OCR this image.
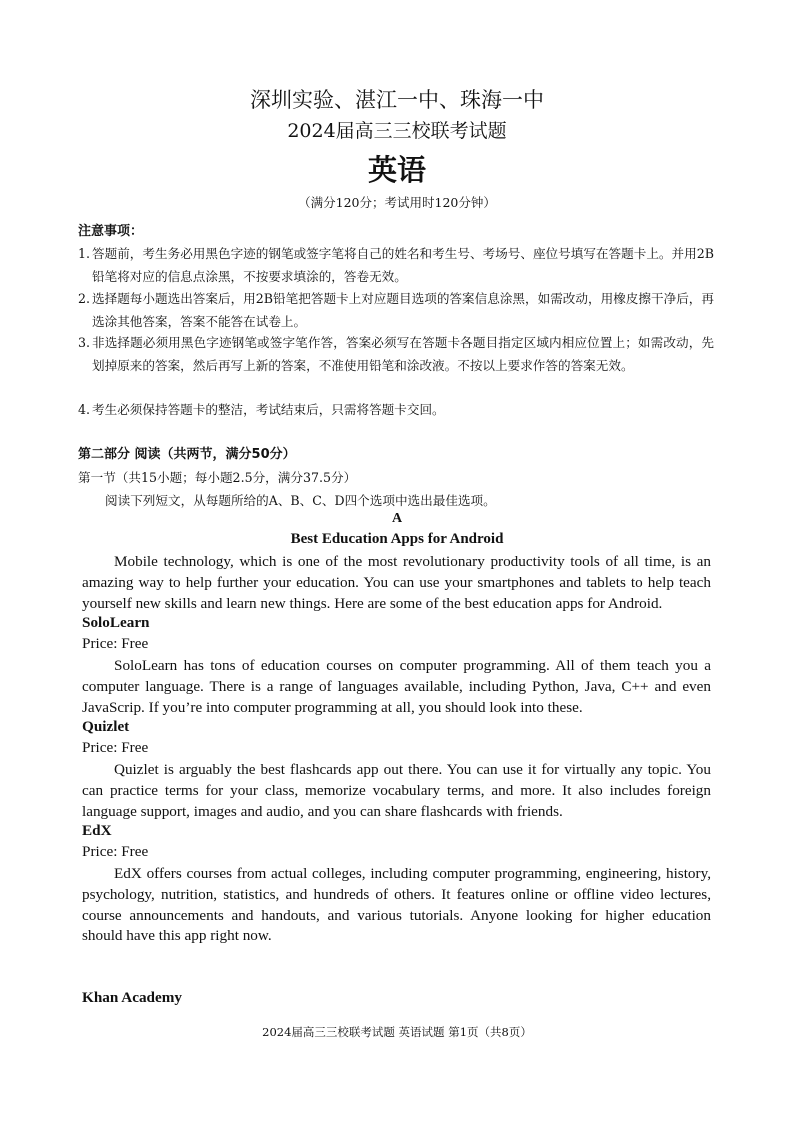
深圳实验、湛江一中、珠海一中
2024届高三三校联考试题
英语
（满分120分；考试用时120分钟）
注意事项：
1. 答题前，考生务必用黑色字迹的钢笔或签字笔将自己的姓名和考生号、考场号、座位号填写在答题卡上。并用2B铅笔将对应的信息点涂黑，不按要求填涂的，答卷无效。
2. 选择题每小题选出答案后，用2B铅笔把答题卡上对应题目选项的答案信息涂黑，如需改动，用橡皮擦干净后，再选涂其他答案，答案不能答在试卷上。
3. 非选择题必须用黑色字迹钢笔或签字笔作答，答案必须写在答题卡各题目指定区域内相应位置上；如需改动，先划掉原来的答案，然后再写上新的答案，不准使用铅笔和涂改液。不按以上要求作答的答案无效。
4. 考生必须保持答题卡的整洁，考试结束后，只需将答题卡交回。
第二部分 阅读（共两节，满分50分）
第一节（共15小题；每小题2.5分，满分37.5分）
阅读下列短文，从每题所给的A、B、C、D四个选项中选出最佳选项。
A
Best Education Apps for Android
Mobile technology, which is one of the most revolutionary productivity tools of all time, is an amazing way to help further your education. You can use your smartphones and tablets to help teach yourself new skills and learn new things. Here are some of the best education apps for Android.
SoloLearn
Price: Free
SoloLearn has tons of education courses on computer programming. All of them teach you a computer language. There is a range of languages available, including Python, Java, C++ and even JavaScrip. If you’re into computer programming at all, you should look into these.
Quizlet
Price: Free
Quizlet is arguably the best flashcards app out there. You can use it for virtually any topic. You can practice terms for your class, memorize vocabulary terms, and more. It also includes foreign language support, images and audio, and you can share flashcards with friends.
EdX
Price: Free
EdX offers courses from actual colleges, including computer programming, engineering, history, psychology, nutrition, statistics, and hundreds of others. It features online or offline video lectures, course announcements and handouts, and various tutorials. Anyone looking for higher education should have this app right now.
Khan Academy
2024届高三三校联考试题 英语试题 第1页（共8页）
